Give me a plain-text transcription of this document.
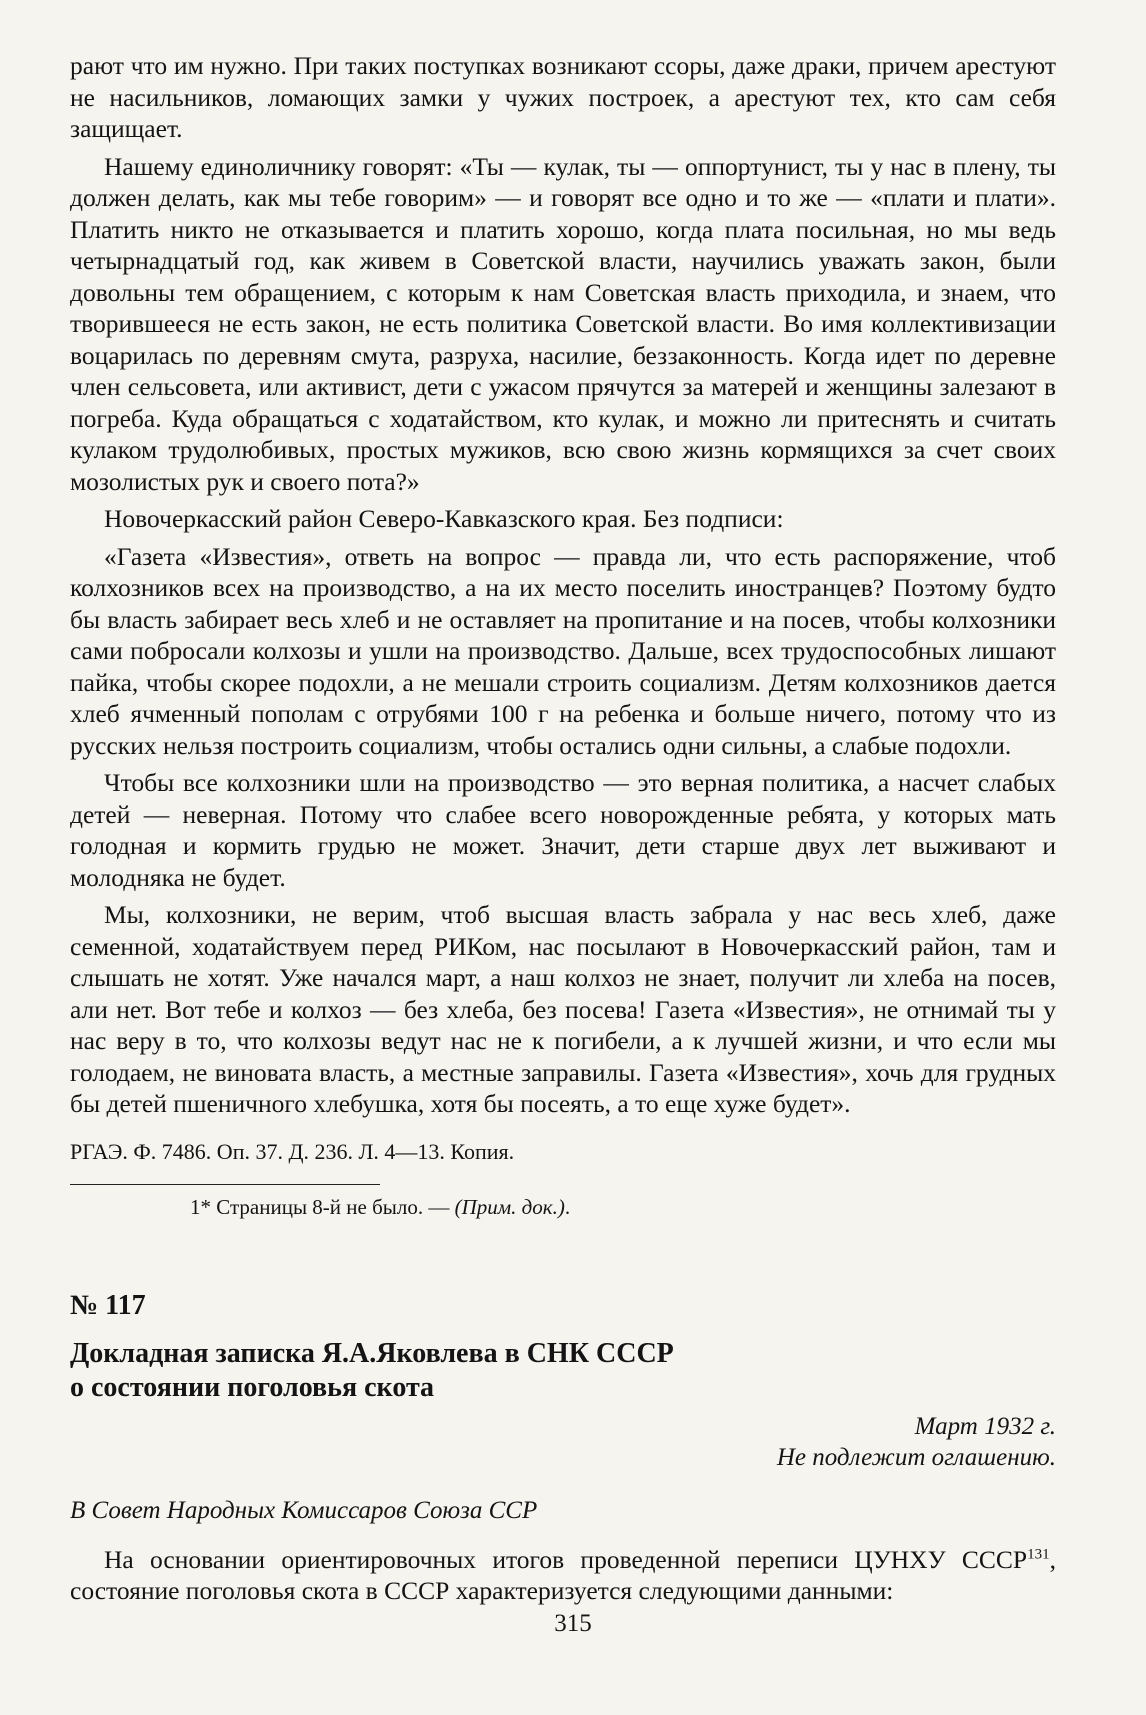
рают что им нужно. При таких поступках возникают ссоры, даже драки, причем арестуют не насильников, ломающих замки у чужих построек, а арестуют тех, кто сам себя защищает.

Нашему единоличнику говорят: «Ты — кулак, ты — оппортунист, ты у нас в плену, ты должен делать, как мы тебе говорим» — и говорят все одно и то же — «плати и плати». Платить никто не отказывается и платить хорошо, когда плата посильная, но мы ведь четырнадцатый год, как живем в Советской власти, научились уважать закон, были довольны тем обращением, с которым к нам Советская власть приходила, и знаем, что творившееся не есть закон, не есть политика Советской власти. Во имя коллективизации воцарилась по деревням смута, разруха, насилие, беззаконность. Когда идет по деревне член сельсовета, или активист, дети с ужасом прячутся за матерей и женщины залезают в погреба. Куда обращаться с ходатайством, кто кулак, и можно ли притеснять и считать кулаком трудолюбивых, простых мужиков, всю свою жизнь кормящихся за счет своих мозолистых рук и своего пота?»

Новочеркасский район Северо-Кавказского края. Без подписи:

«Газета «Известия», ответь на вопрос — правда ли, что есть распоряжение, чтоб колхозников всех на производство, а на их место поселить иностранцев? Поэтому будто бы власть забирает весь хлеб и не оставляет на пропитание и на посев, чтобы колхозники сами побросали колхозы и ушли на производство. Дальше, всех трудоспособных лишают пайка, чтобы скорее подохли, а не мешали строить социализм. Детям колхозников дается хлеб ячменный пополам с отрубями 100 г на ребенка и больше ничего, потому что из русских нельзя построить социализм, чтобы остались одни сильны, а слабые подохли.

Чтобы все колхозники шли на производство — это верная политика, а насчет слабых детей — неверная. Потому что слабее всего новорожденные ребята, у которых мать голодная и кормить грудью не может. Значит, дети старше двух лет выживают и молодняка не будет.

Мы, колхозники, не верим, чтоб высшая власть забрала у нас весь хлеб, даже семенной, ходатайствуем перед РИКом, нас посылают в Новочеркасский район, там и слышать не хотят. Уже начался март, а наш колхоз не знает, получит ли хлеба на посев, али нет. Вот тебе и колхоз — без хлеба, без посева! Газета «Известия», не отнимай ты у нас веру в то, что колхозы ведут нас не к погибели, а к лучшей жизни, и что если мы голодаем, не виновата власть, а местные заправилы. Газета «Известия», хочь для грудных бы детей пшеничного хлебушка, хотя бы посеять, а то еще хуже будет».

РГАЭ. Ф. 7486. Оп. 37. Д. 236. Л. 4—13. Копия.
1* Страницы 8-й не было. — (Прим. док.).
№ 117
Докладная записка Я.А.Яковлева в СНК СССР
о состоянии поголовья скота
Март 1932 г.
Не подлежит оглашению.
В Совет Народных Комиссаров Союза ССР

На основании ориентировочных итогов проведенной переписи ЦУНХУ СССР$^{131}$, состояние поголовья скота в СССР характеризуется следующими данными:

315
